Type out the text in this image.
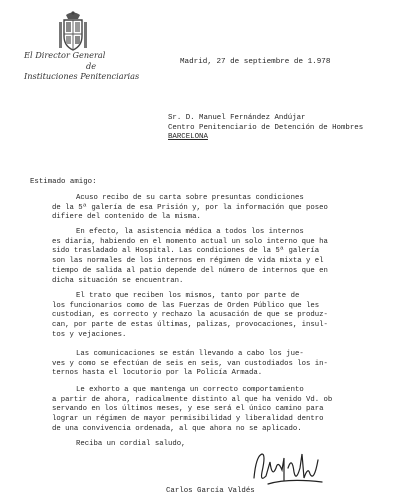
El Director General
de
Instituciones Penitenciarias
Madrid, 27 de septiembre de 1.978
Sr. D. Manuel Fernández Andújar
Centro Penitenciario de Detención de Hombres
BARCELONA
Estimado amigo:
Acuso recibo de su carta sobre presuntas condiciones
de la 5ª galería de esa Prisión y, por la información que poseo
difiere del contenido de la misma.
En efecto, la asistencia médica a todos los internos
es diaria, habiendo en el momento actual un solo interno que ha
sido trasladado al Hospital. Las condiciones de la 5ª galería
son las normales de los internos en régimen de vida mixta y el
tiempo de salida al patio depende del número de internos que en
dicha situación se encuentran.
El trato que reciben los mismos, tanto por parte de
los funcionarios como de las Fuerzas de Orden Público que les
custodian, es correcto y rechazo la acusación de que se produz-
can, por parte de estas últimas, palizas, provocaciones, insul-
tos y vejaciones.
Las comunicaciones se están llevando a cabo los jue-
ves y como se efectúan de seis en seis, van custodiados los in-
ternos hasta el locutorio por la Policía Armada.
Le exhorto a que mantenga un correcto comportamiento
a partir de ahora, radicalmente distinto al que ha venido Vd. ob
servando en los últimos meses, y ese será el único camino para
lograr un régimen de mayor permisibilidad y liberalidad dentro
de una convivencia ordenada, al que ahora no se aplicado.
Reciba un cordial saludo,
Carlos García Valdés
